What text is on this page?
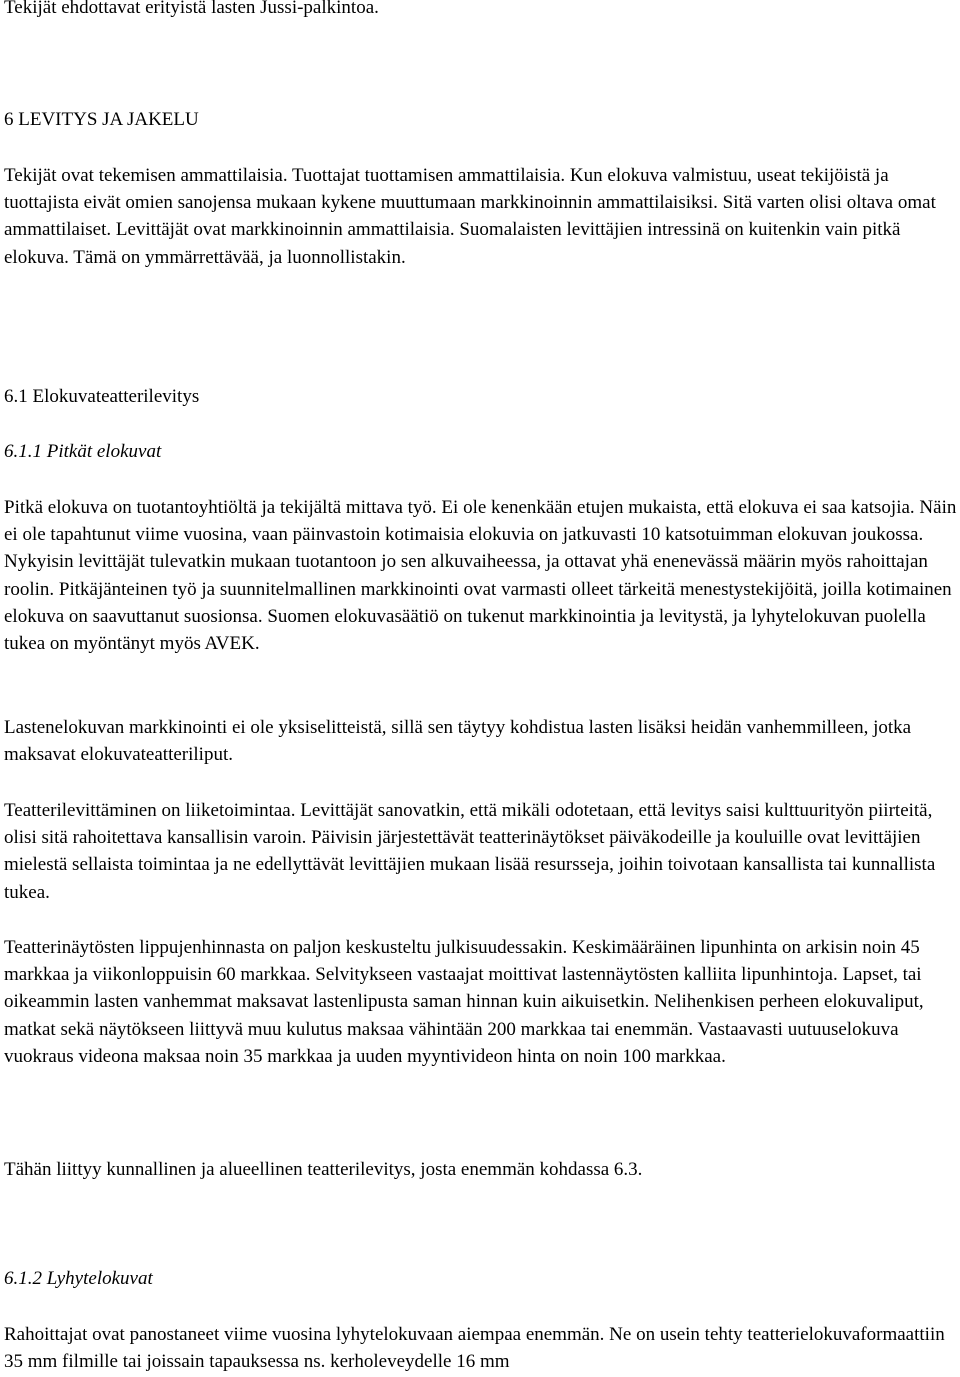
Tekijät ehdottavat erityistä lasten Jussi-palkintoa.

6 LEVITYS JA JAKELU

Tekijät ovat tekemisen ammattilaisia. Tuottajat tuottamisen ammattilaisia. Kun elokuva valmistuu, useat tekijöistä ja tuottajista eivät omien sanojensa mukaan kykene muuttumaan markkinoinnin ammattilaisiksi. Sitä varten olisi oltava omat ammattilaiset. Levittäjät ovat markkinoinnin ammattilaisia. Suomalaisten levittäjien intressinä on kuitenkin vain pitkä elokuva. Tämä on ymmärrettävää, ja luonnollistakin.

6.1 Elokuvateatterilevitys

6.1.1 Pitkät elokuvat

Pitkä elokuva on tuotantoyhtiöltä ja tekijältä mittava työ. Ei ole kenenkään etujen mukaista, että elokuva ei saa katsojia. Näin ei ole tapahtunut viime vuosina, vaan päinvastoin kotimaisia elokuvia on jatkuvasti 10 katsotuimman elokuvan joukossa. Nykyisin levittäjät tulevatkin mukaan tuotantoon jo sen alkuvaiheessa, ja ottavat yhä enenevässä määrin myös rahoittajan roolin. Pitkäjänteinen työ ja suunnitelmallinen markkinointi ovat varmasti olleet tärkeitä menestystekijöitä, joilla kotimainen elokuva on saavuttanut suosionsa. Suomen elokuvasäätiö on tukenut markkinointia ja levitystä, ja lyhytelokuvan puolella tukea on myöntänyt myös AVEK.

Lastenelokuvan markkinointi ei ole yksiselitteistä, sillä sen täytyy kohdistua lasten lisäksi heidän vanhemmilleen, jotka maksavat elokuvateatteriliput.

Teatterilevittäminen on liiketoimintaa. Levittäjät sanovatkin, että mikäli odotetaan, että levitys saisi kulttuurityön piirteitä, olisi sitä rahoitettava kansallisin varoin. Päivisin järjestettävät teatterinäytökset päiväkodeille ja kouluille ovat levittäjien mielestä sellaista toimintaa ja ne edellyttävät levittäjien mukaan lisää resursseja, joihin toivotaan kansallista tai kunnallista tukea.

Teatterinäytösten lippujenhinnasta on paljon keskusteltu julkisuudessakin. Keskimääräinen lipunhinta on arkisin noin 45 markkaa ja viikonloppuisin 60 markkaa. Selvitykseen vastaajat moittivat lastennäytösten kalliita lipunhintoja. Lapset, tai oikeammin lasten vanhemmat maksavat lastenlipusta saman hinnan kuin aikuisetkin. Nelihenkisen perheen elokuvaliput, matkat sekä näytökseen liittyvä muu kulutus maksaa vähintään 200 markkaa tai enemmän. Vastaavasti uutuuselokuva vuokraus videona maksaa noin 35 markkaa ja uuden myyntivideon hinta on noin 100 markkaa.

Tähän liittyy kunnallinen ja alueellinen teatterilevitys, josta enemmän kohdassa 6.3.

6.1.2 Lyhytelokuvat

Rahoittajat ovat panostaneet viime vuosina lyhytelokuvaan aiempaa enemmän. Ne on usein tehty teatterielokuvaformaattiin 35 mm filmille tai joissain tapauksessa ns. kerholeveydelle 16 mm
